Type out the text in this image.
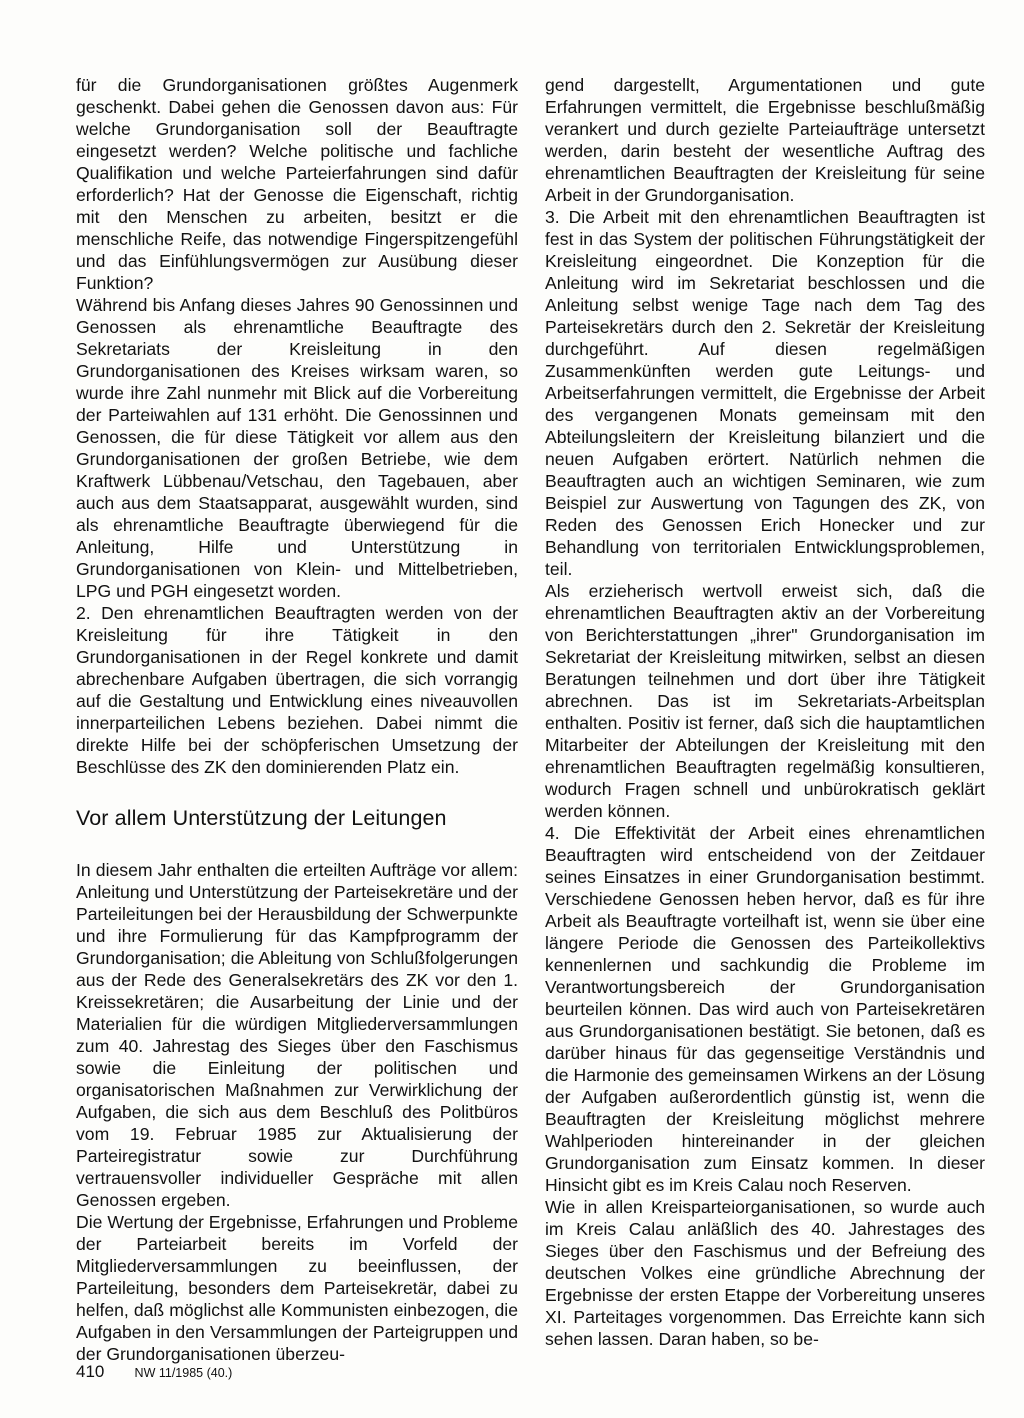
für die Grundorganisationen größtes Augenmerk geschenkt. Dabei gehen die Genossen davon aus: Für welche Grundorganisation soll der Beauftragte eingesetzt werden? Welche politische und fachliche Qualifikation und welche Parteierfahrungen sind dafür erforderlich? Hat der Genosse die Eigenschaft, richtig mit den Menschen zu arbeiten, besitzt er die menschliche Reife, das notwendige Fingerspitzengefühl und das Einfühlungsvermögen zur Ausübung dieser Funktion?

Während bis Anfang dieses Jahres 90 Genossinnen und Genossen als ehrenamtliche Beauftragte des Sekretariats der Kreisleitung in den Grundorganisationen des Kreises wirksam waren, so wurde ihre Zahl nunmehr mit Blick auf die Vorbereitung der Parteiwahlen auf 131 erhöht. Die Genossinnen und Genossen, die für diese Tätigkeit vor allem aus den Grundorganisationen der großen Betriebe, wie dem Kraftwerk Lübbenau/Vetschau, den Tagebauen, aber auch aus dem Staatsapparat, ausgewählt wurden, sind als ehrenamtliche Beauftragte überwiegend für die Anleitung, Hilfe und Unterstützung in Grundorganisationen von Klein- und Mittelbetrieben, LPG und PGH eingesetzt worden.

2. Den ehrenamtlichen Beauftragten werden von der Kreisleitung für ihre Tätigkeit in den Grundorganisationen in der Regel konkrete und damit abrechenbare Aufgaben übertragen, die sich vorrangig auf die Gestaltung und Entwicklung eines niveauvollen innerparteilichen Lebens beziehen. Dabei nimmt die direkte Hilfe bei der schöpferischen Umsetzung der Beschlüsse des ZK den dominierenden Platz ein.

Vor allem Unterstützung der Leitungen

In diesem Jahr enthalten die erteilten Aufträge vor allem: Anleitung und Unterstützung der Parteisekretäre und der Parteileitungen bei der Herausbildung der Schwerpunkte und ihre Formulierung für das Kampfprogramm der Grundorganisation; die Ableitung von Schlußfolgerungen aus der Rede des Generalsekretärs des ZK vor den 1. Kreissekretären; die Ausarbeitung der Linie und der Materialien für die würdigen Mitgliederversammlungen zum 40. Jahrestag des Sieges über den Faschismus sowie die Einleitung der politischen und organisatorischen Maßnahmen zur Verwirklichung der Aufgaben, die sich aus dem Beschluß des Politbüros vom 19. Februar 1985 zur Aktualisierung der Parteiregistratur sowie zur Durchführung vertrauensvoller individueller Gespräche mit allen Genossen ergeben.

Die Wertung der Ergebnisse, Erfahrungen und Probleme der Parteiarbeit bereits im Vorfeld der Mitgliederversammlungen zu beeinflussen, der Parteileitung, besonders dem Parteisekretär, dabei zu helfen, daß möglichst alle Kommunisten einbezogen, die Aufgaben in den Versammlungen der Parteigruppen und der Grundorganisationen überzeu-

gend dargestellt, Argumentationen und gute Erfahrungen vermittelt, die Ergebnisse beschlußmäßig verankert und durch gezielte Parteiaufträge untersetzt werden, darin besteht der wesentliche Auftrag des ehrenamtlichen Beauftragten der Kreisleitung für seine Arbeit in der Grundorganisation.

3. Die Arbeit mit den ehrenamtlichen Beauftragten ist fest in das System der politischen Führungstätigkeit der Kreisleitung eingeordnet. Die Konzeption für die Anleitung wird im Sekretariat beschlossen und die Anleitung selbst wenige Tage nach dem Tag des Parteisekretärs durch den 2. Sekretär der Kreisleitung durchgeführt. Auf diesen regelmäßigen Zusammenkünften werden gute Leitungs- und Arbeitserfahrungen vermittelt, die Ergebnisse der Arbeit des vergangenen Monats gemeinsam mit den Abteilungsleitern der Kreisleitung bilanziert und die neuen Aufgaben erörtert. Natürlich nehmen die Beauftragten auch an wichtigen Seminaren, wie zum Beispiel zur Auswertung von Tagungen des ZK, von Reden des Genossen Erich Honecker und zur Behandlung von territorialen Entwicklungsproblemen, teil.

Als erzieherisch wertvoll erweist sich, daß die ehrenamtlichen Beauftragten aktiv an der Vorbereitung von Berichterstattungen „ihrer" Grundorganisation im Sekretariat der Kreisleitung mitwirken, selbst an diesen Beratungen teilnehmen und dort über ihre Tätigkeit abrechnen. Das ist im Sekretariats-Arbeitsplan enthalten. Positiv ist ferner, daß sich die hauptamtlichen Mitarbeiter der Abteilungen der Kreisleitung mit den ehrenamtlichen Beauftragten regelmäßig konsultieren, wodurch Fragen schnell und unbürokratisch geklärt werden können.

4. Die Effektivität der Arbeit eines ehrenamtlichen Beauftragten wird entscheidend von der Zeitdauer seines Einsatzes in einer Grundorganisation bestimmt. Verschiedene Genossen heben hervor, daß es für ihre Arbeit als Beauftragte vorteilhaft ist, wenn sie über eine längere Periode die Genossen des Parteikollektivs kennenlernen und sachkundig die Probleme im Verantwortungsbereich der Grundorganisation beurteilen können. Das wird auch von Parteisekretären aus Grundorganisationen bestätigt. Sie betonen, daß es darüber hinaus für das gegenseitige Verständnis und die Harmonie des gemeinsamen Wirkens an der Lösung der Aufgaben außerordentlich günstig ist, wenn die Beauftragten der Kreisleitung möglichst mehrere Wahlperioden hintereinander in der gleichen Grundorganisation zum Einsatz kommen. In dieser Hinsicht gibt es im Kreis Calau noch Reserven.

Wie in allen Kreisparteiorganisationen, so wurde auch im Kreis Calau anläßlich des 40. Jahrestages des Sieges über den Faschismus und der Befreiung des deutschen Volkes eine gründliche Abrechnung der Ergebnisse der ersten Etappe der Vorbereitung unseres XI. Parteitages vorgenommen. Das Erreichte kann sich sehen lassen. Daran haben, so be-

410 NW 11/1985 (40.)
